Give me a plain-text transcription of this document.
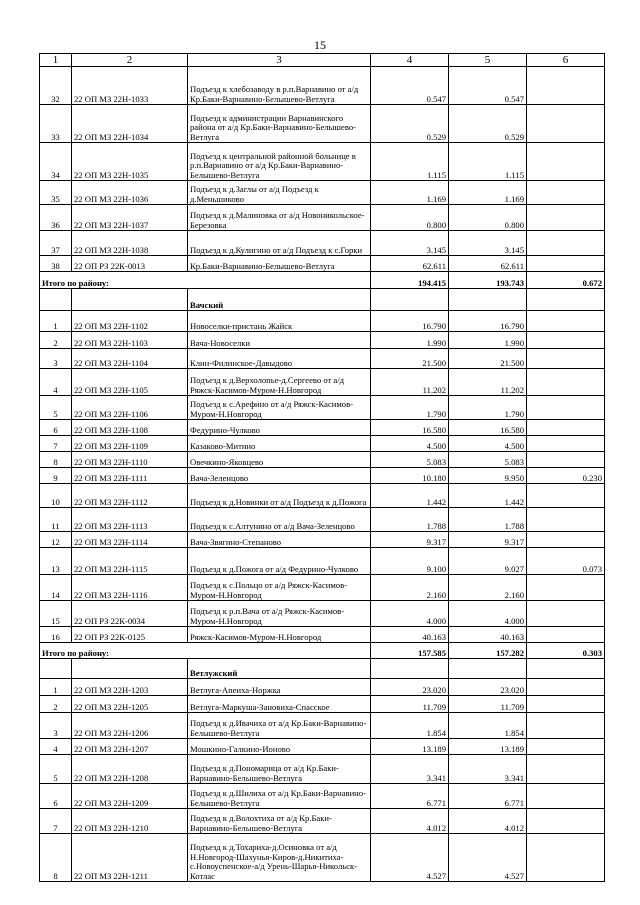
15
1	2	3	4	5	6
32	22 ОП МЗ 22Н-1033	Подъезд к хлебозаводу в р.п.Варнавино от а/д Кр.Баки-Варнавино-Белышево-Ветлуга	0.547	0.547	
33	22 ОП МЗ 22Н-1034	Подъезд к администрации Варнавинского района от а/д Кр.Баки-Варнавино-Белышево-Ветлуга	0.529	0.529	
34	22 ОП МЗ 22Н-1035	Подъезд к центральной районной больнице в р.п.Варнавино от а/д Кр.Баки-Варнавино-Белышево-Ветлуга	1.115	1.115	
35	22 ОП МЗ 22Н-1036	Подъезд к д.Заглы от а/д Подъезд к д.Меньшиково	1.169	1.169	
36	22 ОП МЗ 22Н-1037	Подъезд к д.Малиновка от а/д Новоникольское-Березовка	0.800	0.800	
37	22 ОП МЗ 22Н-1038	Подъезд к д.Кулигино от а/д Подъезд к с.Горки	3.145	3.145	
38	22 ОП РЗ 22К-0013	Кр.Баки-Варнавино-Белышево-Ветлуга	62.611	62.611	
Итого по району:			194.415	193.743	0.672
		Вачский			
1	22 ОП МЗ 22Н-1102	Новоселки-пристань Жайск	16.790	16.790	
2	22 ОП МЗ 22Н-1103	Вача-Новоселки	1.990	1.990	
3	22 ОП МЗ 22Н-1104	Клин-Филинское-Давыдово	21.500	21.500	
4	22 ОП МЗ 22Н-1105	Подъезд к д.Верхолопье-д.Сергеево от а/д Ряжск-Касимов-Муром-Н.Новгород	11.202	11.202	
5	22 ОП МЗ 22Н-1106	Подъезд к с.Арефино от а/д Ряжск-Касимов-Муром-Н.Новгород	1.790	1.790	
6	22 ОП МЗ 22Н-1108	Федурино-Чулково	16.580	16.580	
7	22 ОП МЗ 22Н-1109	Казаково-Митино	4.500	4.500	
8	22 ОП МЗ 22Н-1110	Овечкино-Яковцево	5.083	5.083	
9	22 ОП МЗ 22Н-1111	Вача-Зеленцово	10.180	9.950	0.230
10	22 ОП МЗ 22Н-1112	Подъезд к д.Новинки от а/д Подъезд к д.Пожога	1.442	1.442	
11	22 ОП МЗ 22Н-1113	Подъезд к с.Алтунино от а/д Вача-Зеленцово	1.788	1.788	
12	22 ОП МЗ 22Н-1114	Вача-Звягино-Степаново	9.317	9.317	
13	22 ОП МЗ 22Н-1115	Подъезд к д.Пожога от а/д Федурино-Чулково	9.100	9.027	0.073
14	22 ОП МЗ 22Н-1116	Подъезд к с.Польцо от а/д Ряжск-Касимов-Муром-Н.Новгород	2.160	2.160	
15	22 ОП РЗ 22К-0034	Подъезд к р.п.Вача от а/д Ряжск-Касимов-Муром-Н.Новгород	4.000	4.000	
16	22 ОП РЗ 22К-0125	Ряжск-Касимов-Муром-Н.Новгород	40.163	40.163	
Итого по району:			157.585	157.282	0.303
		Ветлужский			
1	22 ОП МЗ 22Н-1203	Ветлуга-Апеиха-Норжка	23.020	23.020	
2	22 ОП МЗ 22Н-1205	Ветлуга-Маркуша-Зановиха-Спасское	11.709	11.709	
3	22 ОП МЗ 22Н-1206	Подъезд к д.Ивачиха от а/д Кр.Баки-Варнавино-Белышево-Ветлуга	1.854	1.854	
4	22 ОП МЗ 22Н-1207	Мошкино-Галкино-Ионово	13.189	13.189	
5	22 ОП МЗ 22Н-1208	Подъезд к д.Пономарица от а/д Кр.Баки-Варнавино-Белышево-Ветлуга	3.341	3.341	
6	22 ОП МЗ 22Н-1209	Подъезд к д.Шилиха от а/д Кр.Баки-Варнавино-Белышево-Ветлуга	6.771	6.771	
7	22 ОП МЗ 22Н-1210	Подъезд к д.Волохтиха от а/д Кр.Баки-Варнавино-Белышево-Ветлуга	4.012	4.012	
8	22 ОП МЗ 22Н-1211	Подъезд к д.Тохариха-д.Осиновка от а/д Н.Новгород-Шахунья-Киров-д.Никитиха-с.Новоуспенское-а/д Урень-Шарья-Никольск-Котлас	4.527	4.527	
